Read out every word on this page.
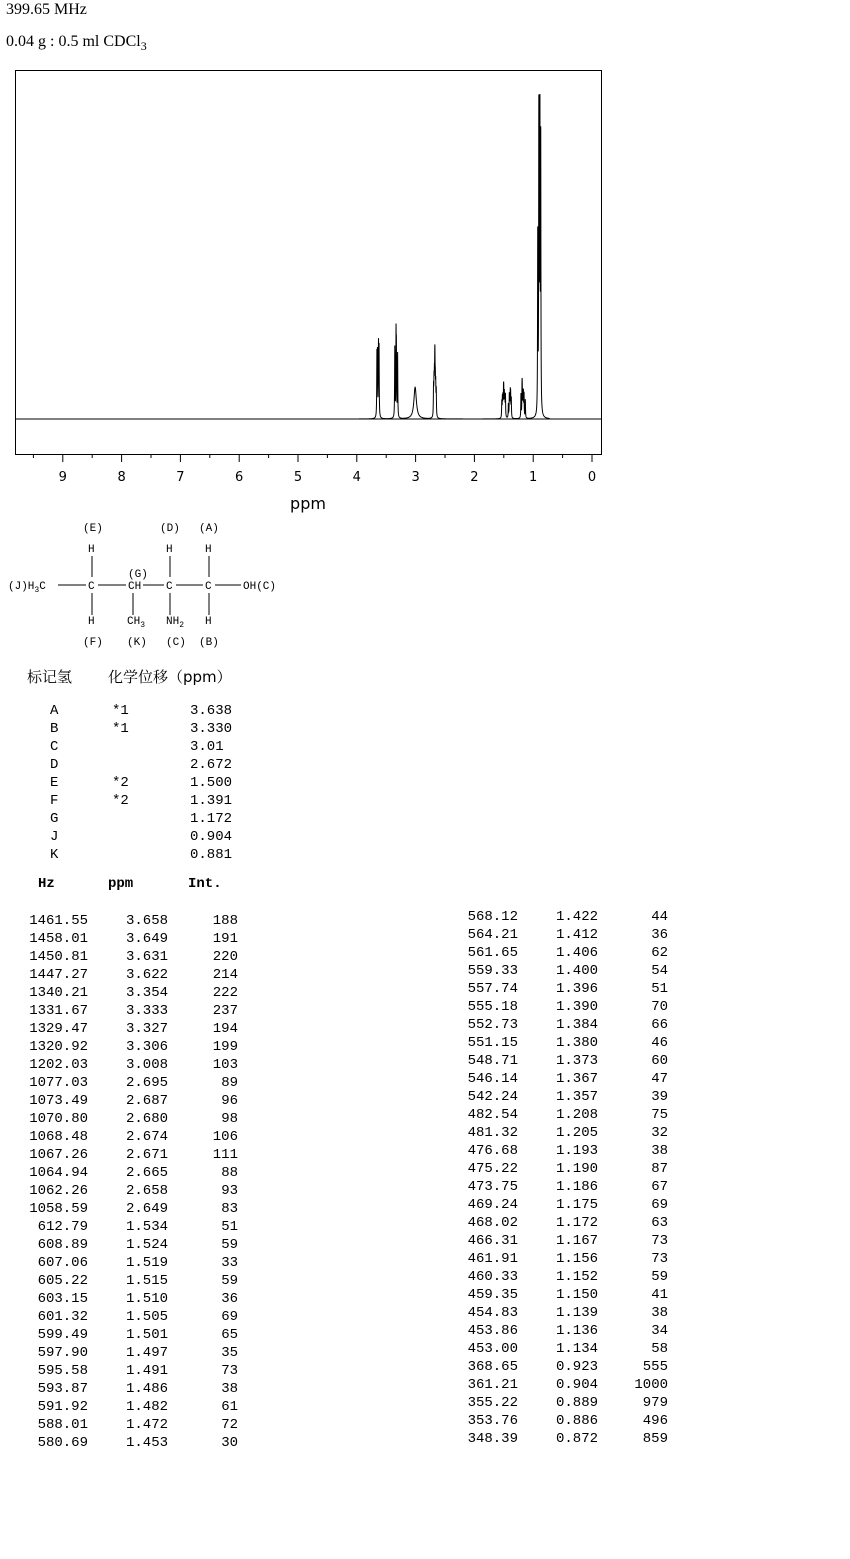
399.65 MHz
0.04 g : 0.5 ml CDCl$_3$
9	8	7	6	5	4	3	2	1	0
ppm
(E)	(D) (A)
H	H	H
(G)
$(J)H_3C$	C	CH C	C	OH(C)
H	$CH_3$ $NH_2$ H
(F) (K) (C) (B)
标记氢 化学位移（ppm）
A	*1	3.638
B	*1	3.330
C	3.01
D	2.672
E	*2	1.500
F	*2	1.391
G	1.172
J	0.904
K	0.881
Hz	ppm	Int.
1461.55	3.658	188
1458.01	3.649	191
1450.81	3.631	220
1447.27	3.622	214
1340.21	3.354	222
1331.67	3.333	237
1329.47	3.327	194
1320.92	3.306	199
1202.03	3.008	103
1077.03	2.695	89
1073.49	2.687	96
1070.80	2.680	98
1068.48	2.674	106
1067.26	2.671	111
1064.94	2.665	88
1062.26	2.658	93
1058.59	2.649	83
612.79	1.534	51
608.89	1.524	59
607.06	1.519	33
605.22	1.515	59
603.15	1.510	36
601.32	1.505	69
599.49	1.501	65
597.90	1.497	35
595.58	1.491	73
593.87	1.486	38
591.92	1.482	61
588.01	1.472	72
580.69	1.453	30
568.12	1.422	44
564.21	1.412	36
561.65	1.406	62
559.33	1.400	54
557.74	1.396	51
555.18	1.390	70
552.73	1.384	66
551.15	1.380	46
548.71	1.373	60
546.14	1.367	47
542.24	1.357	39
482.54	1.208	75
481.32	1.205	32
476.68	1.193	38
475.22	1.190	87
473.75	1.186	67
469.24	1.175	69
468.02	1.172	63
466.31	1.167	73
461.91	1.156	73
460.33	1.152	59
459.35	1.150	41
454.83	1.139	38
453.86	1.136	34
453.00	1.134	58
368.65	0.923	555
361.21	0.904	1000
355.22	0.889	979
353.76	0.886	496
348.39	0.872	859
